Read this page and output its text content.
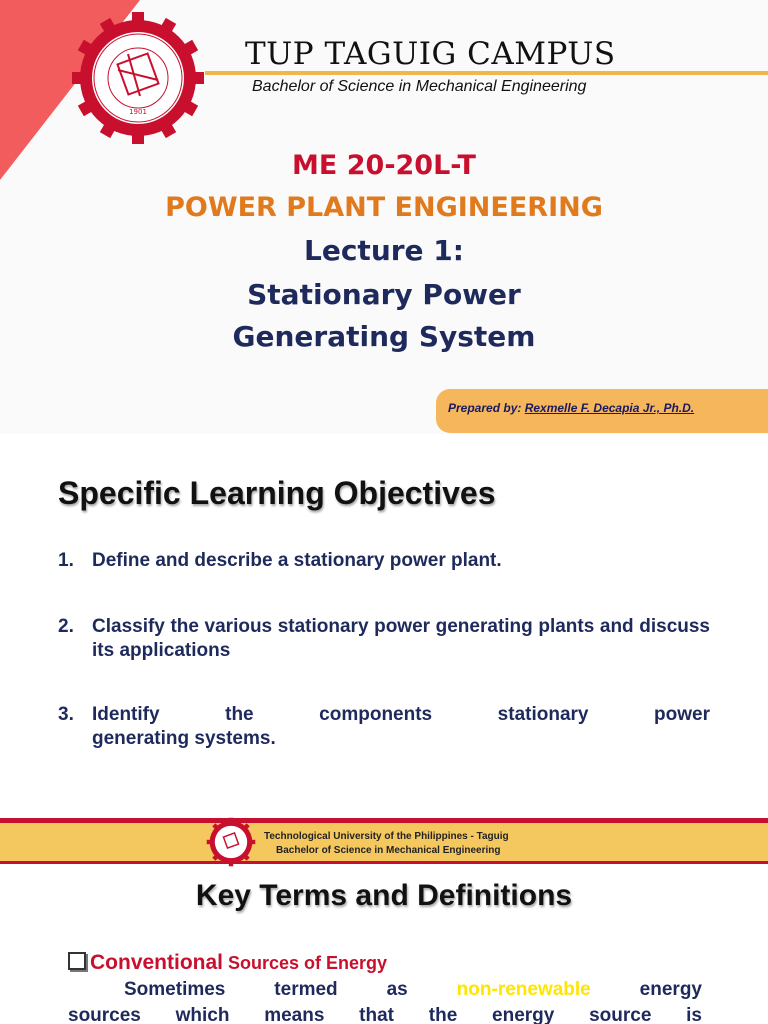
1901
TUP TAGUIG CAMPUS
Bachelor of Science in Mechanical Engineering
ME 20-20L-T
POWER PLANT ENGINEERING
Lecture 1:
Stationary Power
Generating System
Prepared by: Rexmelle F. Decapia Jr., Ph.D.
Specific Learning Objectives
1. Define and describe a stationary power plant.
2. Classify the various stationary power generating plants and discuss its applications
3. Identify the components stationary power
generating systems.
Technological University of the Philippines - Taguig
Bachelor of Science in Mechanical Engineering
Key Terms and Definitions
Conventional Sources of Energy
Sometimes termed as non-renewable energy
sources which means that the energy source is
